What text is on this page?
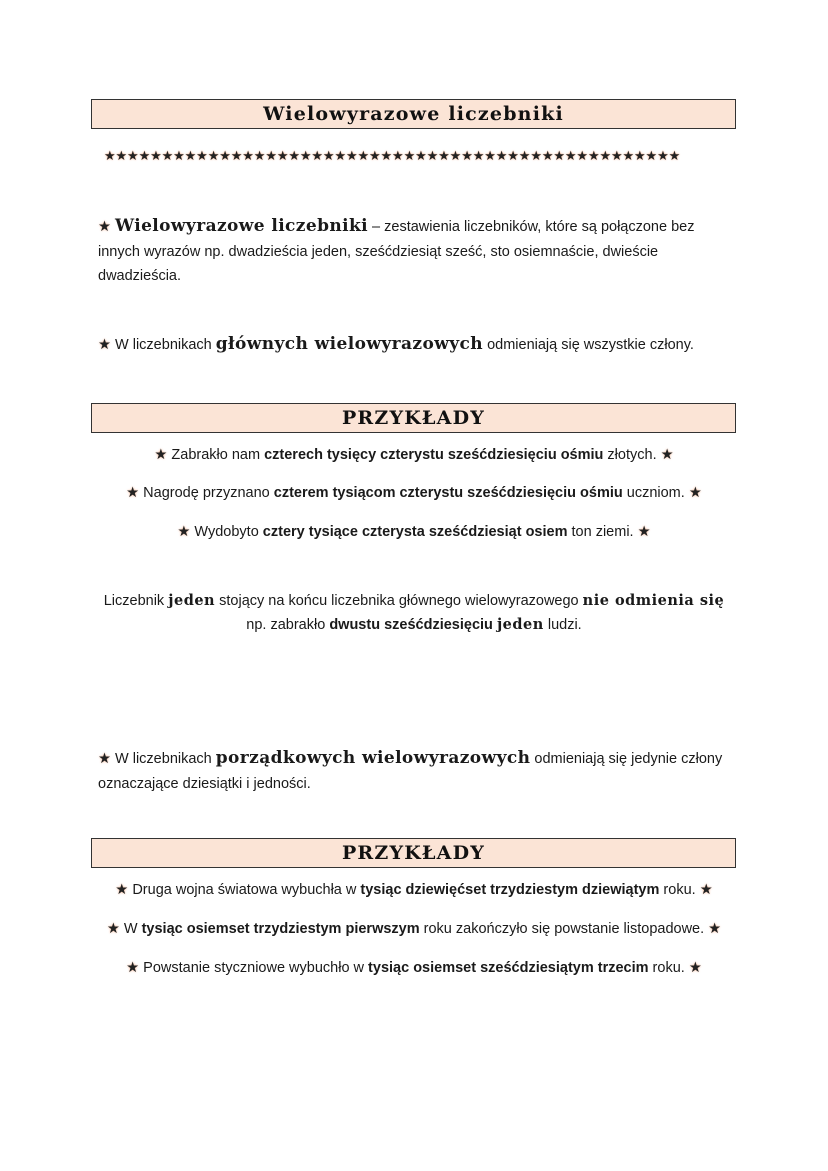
Wielowyrazowe liczebniki
★★★★★★★★★★★★★★★★★★★★★★★★★★★★★★★★★★★★★★★★★★★★★★★★★★
★ Wielowyrazowe liczebniki – zestawienia liczebników, które są połączone bez innych wyrazów np. dwadzieścia jeden, sześćdziesiąt sześć, sto osiemnaście, dwieście dwadzieścia.
★ W liczebnikach głównych wielowyrazowych odmieniają się wszystkie człony.
PRZYKŁADY
★ Zabrakło nam czterech tysięcy czterystu sześćdziesięciu ośmiu złotych. ★
★ Nagrodę przyznano czterem tysiącom czterystu sześćdziesięciu ośmiu uczniom. ★
★ Wydobyto cztery tysiące czterysta sześćdziesiąt osiem ton ziemi. ★
Liczebnik jeden stojący na końcu liczebnika głównego wielowyrazowego nie odmienia się np. zabrakło dwustu sześćdziesięciu jeden ludzi.
★ W liczebnikach porządkowych wielowyrazowych odmieniają się jedynie człony oznaczające dziesiątki i jedności.
PRZYKŁADY
★ Druga wojna światowa wybuchła w tysiąc dziewięćset trzydziestym dziewiątym roku. ★
★ W tysiąc osiemset trzydziestym pierwszym roku zakończyło się powstanie listopadowe. ★
★ Powstanie styczniowe wybuchło w tysiąc osiemset sześćdziesiątym trzecim roku. ★
